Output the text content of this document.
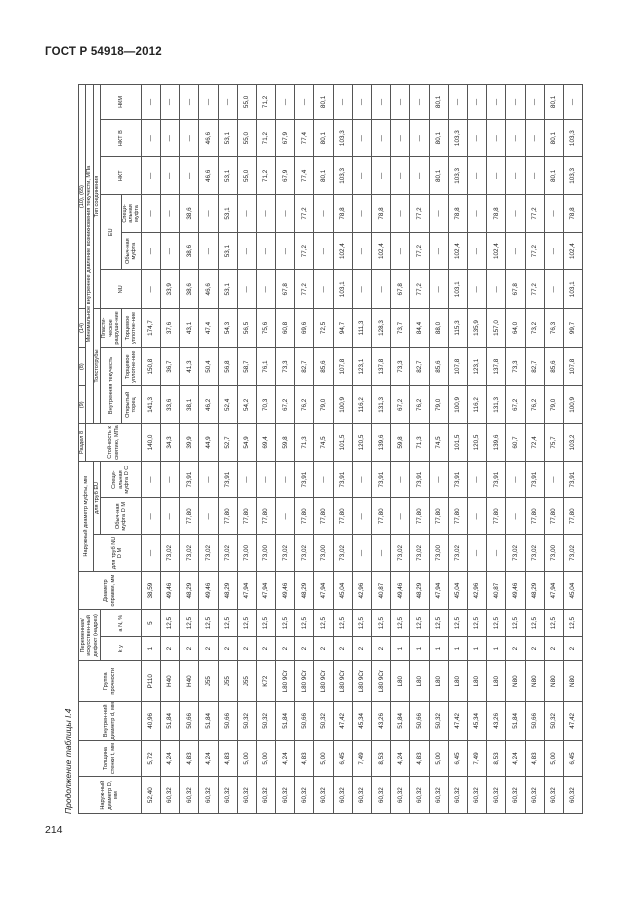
ГОСТ Р 54918—2012
Продолжение таблицы I.4	Наруж-ный диаметр D, мм	Толщина стенки t, мм	Внутрен-ний диаметр d, мм	Группа прочности	Переменная/ искусствен-ный дефект (надрез)		Диаметр оправки, мм	Наружный диаметр муфты, мм			Раздел 8	(9)	(8)	(14)	(10), (65)					
										Стой-кость к смятию, МПа	Минимальное внутреннее давление возникновения текучести, МПа								
							для труб NU D M	для труб EU			Толстотрубы			Тип соединения					
				k y	a N, %			Обыч-ная муфта D M	Специ-альная муфта D C		Внутренняя текучесть		Пласти-ческое разруше-ние	NU	EU		НКТ	НКТ В	НКМ
											Открытый торец	Торцевое уплотне-ние	Торцевое уплотне-ние		Обыч-ная муфта	Специ-альная муфта			
52,40	5,72	40,96	P110	1	5	38,59	—	—	—	140,0	141,3	150,8	174,7	—	—	—	—	—	—
60,32	4,24	51,84	H40	2	12,5	49,46	73,02	—	—	34,3	33,6	36,7	37,6	33,9	—	—	—	—	—
60,32	4,83	50,66	H40	2	12,5	48,29	73,02	77,80	73,91	39,9	38,1	41,3	43,1	38,6	38,6	38,6	—	—	—
60,32	4,24	51,84	J55	2	12,5	49,46	73,02	—	—	44,9	46,2	50,4	47,4	46,6	—	—	46,6	46,6	—
60,32	4,83	50,66	J55	2	12,5	48,29	73,02	77,80	73,91	52,7	52,4	56,8	54,3	53,1	53,1	53,1	53,1	53,1	—
60,32	5,00	50,32	J55	2	12,5	47,94	73,00	77,80	—	54,9	54,2	58,7	56,5	—	—	—	55,0	55,0	55,0
60,32	5,00	50,32	K72	2	12,5	47,94	73,00	77,80	—	69,4	70,3	76,1	75,6	—	—	—	71,2	71,2	71,2
60,32	4,24	51,84	L80 9Cr	2	12,5	49,46	73,02	—	—	59,8	67,2	73,3	60,8	67,8	—	—	67,9	67,9	—
60,32	4,83	50,66	L80 9Cr	2	12,5	48,29	73,02	77,80	73,91	71,3	76,2	82,7	69,6	77,2	77,2	77,2	77,4	77,4	—
60,32	5,00	50,32	L80 9Cr	2	12,5	47,94	73,00	77,80	—	74,5	79,0	85,6	72,5	—	—	—	80,1	80,1	80,1
60,32	6,45	47,42	L80 9Cr	2	12,5	45,04	73,02	77,80	73,91	101,5	100,9	107,8	94,7	103,1	102,4	78,8	103,3	103,3	—
60,32	7,49	45,34	L80 9Cr	2	12,5	42,96	—	—	—	120,5	116,2	123,1	111,3	—	—	—	—	—	—
60,32	8,53	43,26	L80 9Cr	2	12,5	40,87	—	77,80	73,91	139,6	131,3	137,8	128,3	—	102,4	78,8	—	—	—
60,32	4,24	51,84	L80	1	12,5	49,46	73,02	—	—	59,8	67,2	73,3	73,7	67,8	—	—	—	—	—
60,32	4,83	50,66	L80	1	12,5	48,29	73,02	77,80	73,91	71,3	76,2	82,7	84,4	77,2	77,2	77,2	—	—	—
60,32	5,00	50,32	L80	1	12,5	47,94	73,00	77,80	—	74,5	79,0	85,6	88,0	—	—	—	80,1	80,1	80,1
60,32	6,45	47,42	L80	1	12,5	45,04	73,02	77,80	73,91	101,5	100,9	107,8	115,3	103,1	102,4	78,8	103,3	103,3	—
60,32	7,49	45,34	L80	1	12,5	42,96	—	—	—	120,5	116,2	123,1	135,9	—	—	—	—	—	—
60,32	8,53	43,26	L80	1	12,5	40,87	—	77,80	73,91	139,6	131,3	137,8	157,0	—	102,4	78,8	—	—	—
60,32	4,24	51,84	N80	2	12,5	49,46	73,02	—	—	60,7	67,2	73,3	64,0	67,8	—	—	—	—	—
60,32	4,83	50,66	N80	2	12,5	48,29	73,02	77,80	73,91	72,4	76,2	82,7	73,2	77,2	77,2	77,2	—	—	—
60,32	5,00	50,32	N80	2	12,5	47,94	73,00	77,80	—	75,7	79,0	85,6	76,3	—	—	—	80,1	80,1	80,1
60,32	6,45	47,42	N80	2	12,5	45,04	73,02	77,80	73,91	103,2	100,9	107,8	99,7	103,1	102,4	78,8	103,3	103,3	—
214
